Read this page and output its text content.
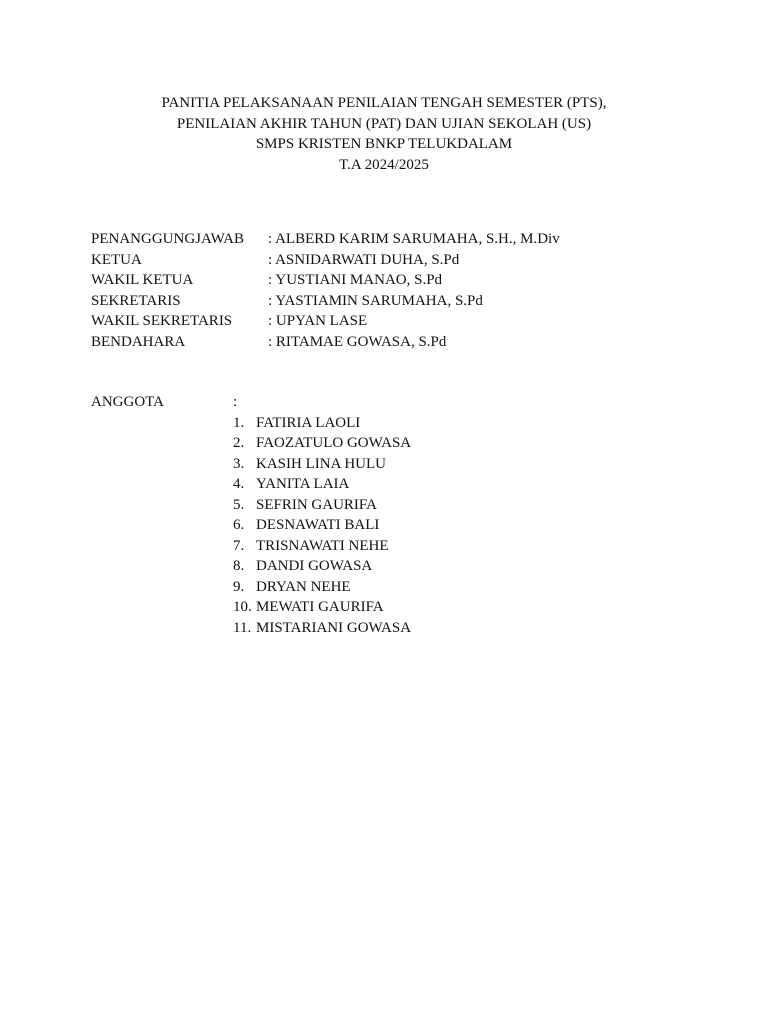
PANITIA PELAKSANAAN PENILAIAN TENGAH SEMESTER (PTS),
PENILAIAN AKHIR TAHUN (PAT) DAN UJIAN SEKOLAH (US)
SMPS KRISTEN BNKP TELUKDALAM
T.A 2024/2025
PENANGGUNGJAWAB	: ALBERD KARIM SARUMAHA, S.H., M.Div
KETUA	: ASNIDARWATI DUHA, S.Pd
WAKIL KETUA	: YUSTIANI MANAO, S.Pd
SEKRETARIS	: YASTIAMIN SARUMAHA, S.Pd
WAKIL SEKRETARIS	: UPYAN LASE
BENDAHARA	: RITAMAE GOWASA, S.Pd
ANGGOTA	:
1. FATIRIA LAOLI
2. FAOZATULO GOWASA
3. KASIH LINA HULU
4. YANITA LAIA
5. SEFRIN GAURIFA
6. DESNAWATI BALI
7. TRISNAWATI NEHE
8. DANDI GOWASA
9. DRYAN NEHE
10. MEWATI GAURIFA
11. MISTARIANI GOWASA
